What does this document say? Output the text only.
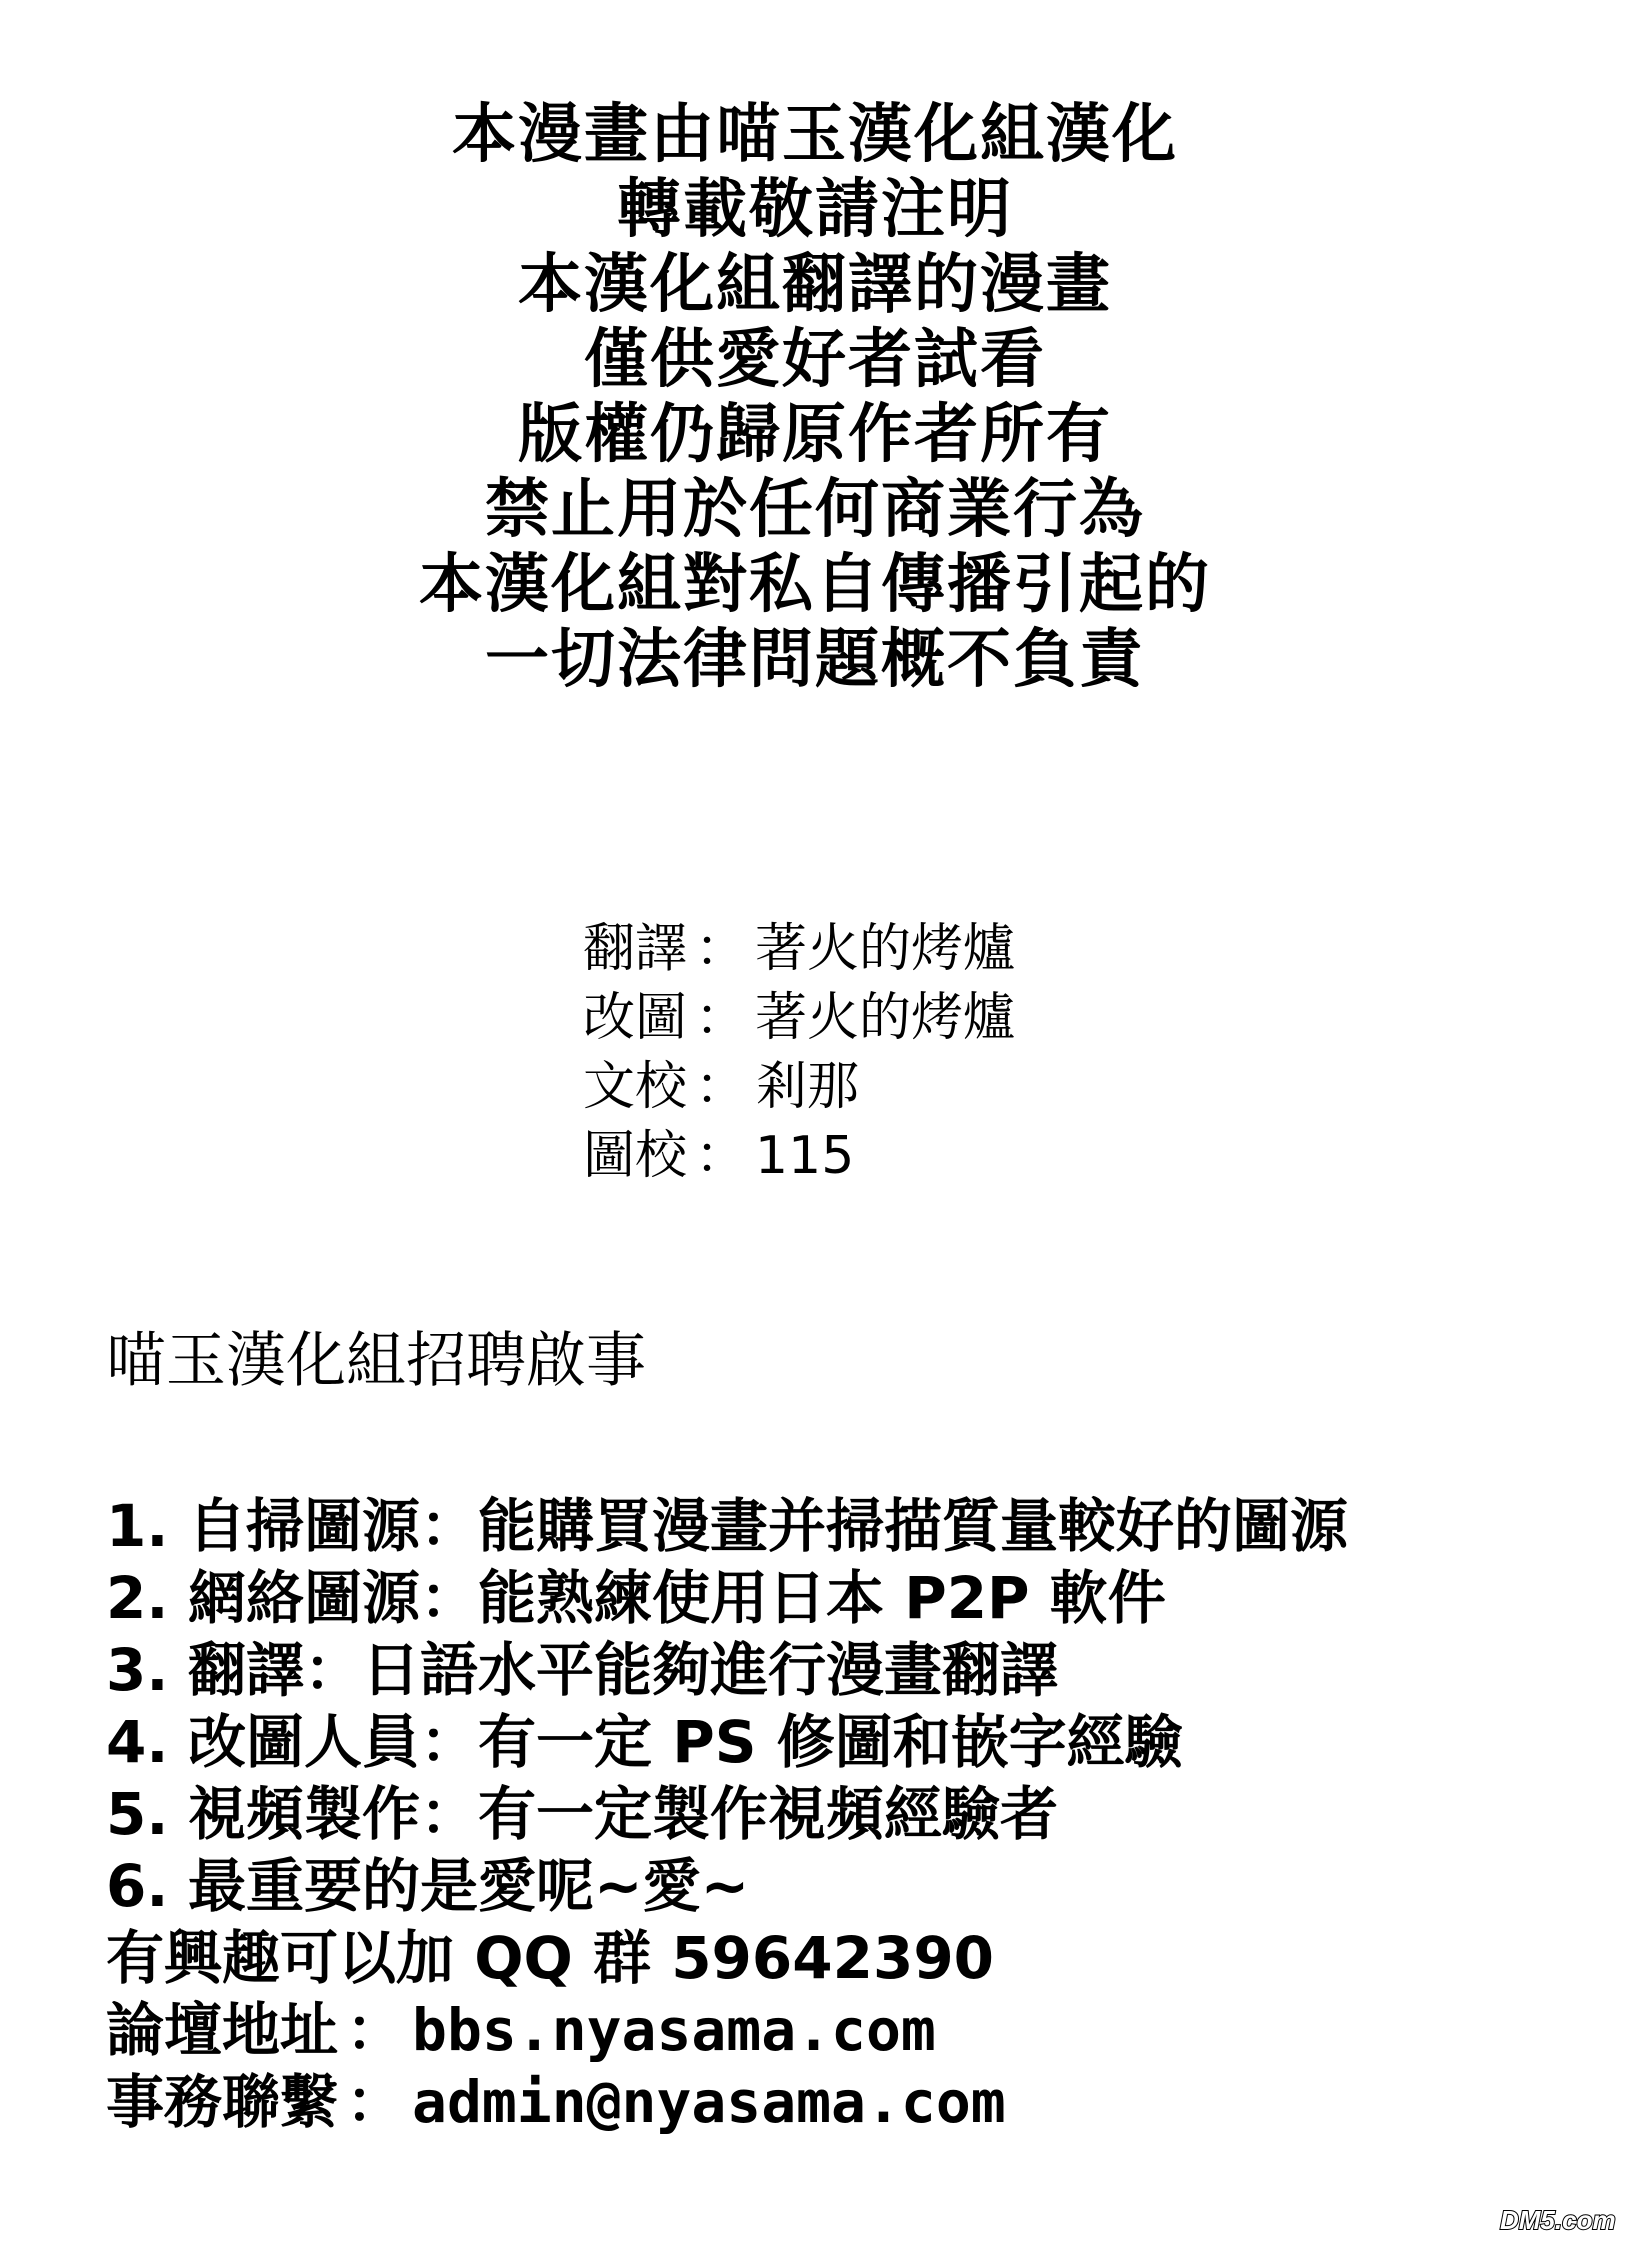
本漫畫由喵玉漢化組漢化
轉載敬請注明
本漢化組翻譯的漫畫
僅供愛好者試看
版權仍歸原作者所有
禁止用於任何商業行為
本漢化組對私自傳播引起的
一切法律問題概不負責
翻譯 ： 著火的烤爐
改圖 ： 著火的烤爐
文校 ： 剎那
圖校 ： 115
喵玉漢化組招聘啟事
1. 自掃圖源：能購買漫畫并掃描質量較好的圖源
2. 網絡圖源：能熟練使用日本 P2P 軟件
3. 翻譯：日語水平能夠進行漫畫翻譯
4. 改圖人員：有一定 PS 修圖和嵌字經驗
5. 視頻製作：有一定製作視頻經驗者
6. 最重要的是愛呢~愛~
有興趣可以加 QQ 群 59642390
論壇地址 ： bbs.nyasama.com
事務聯繫 ： admin@nyasama.com
DM5.com
